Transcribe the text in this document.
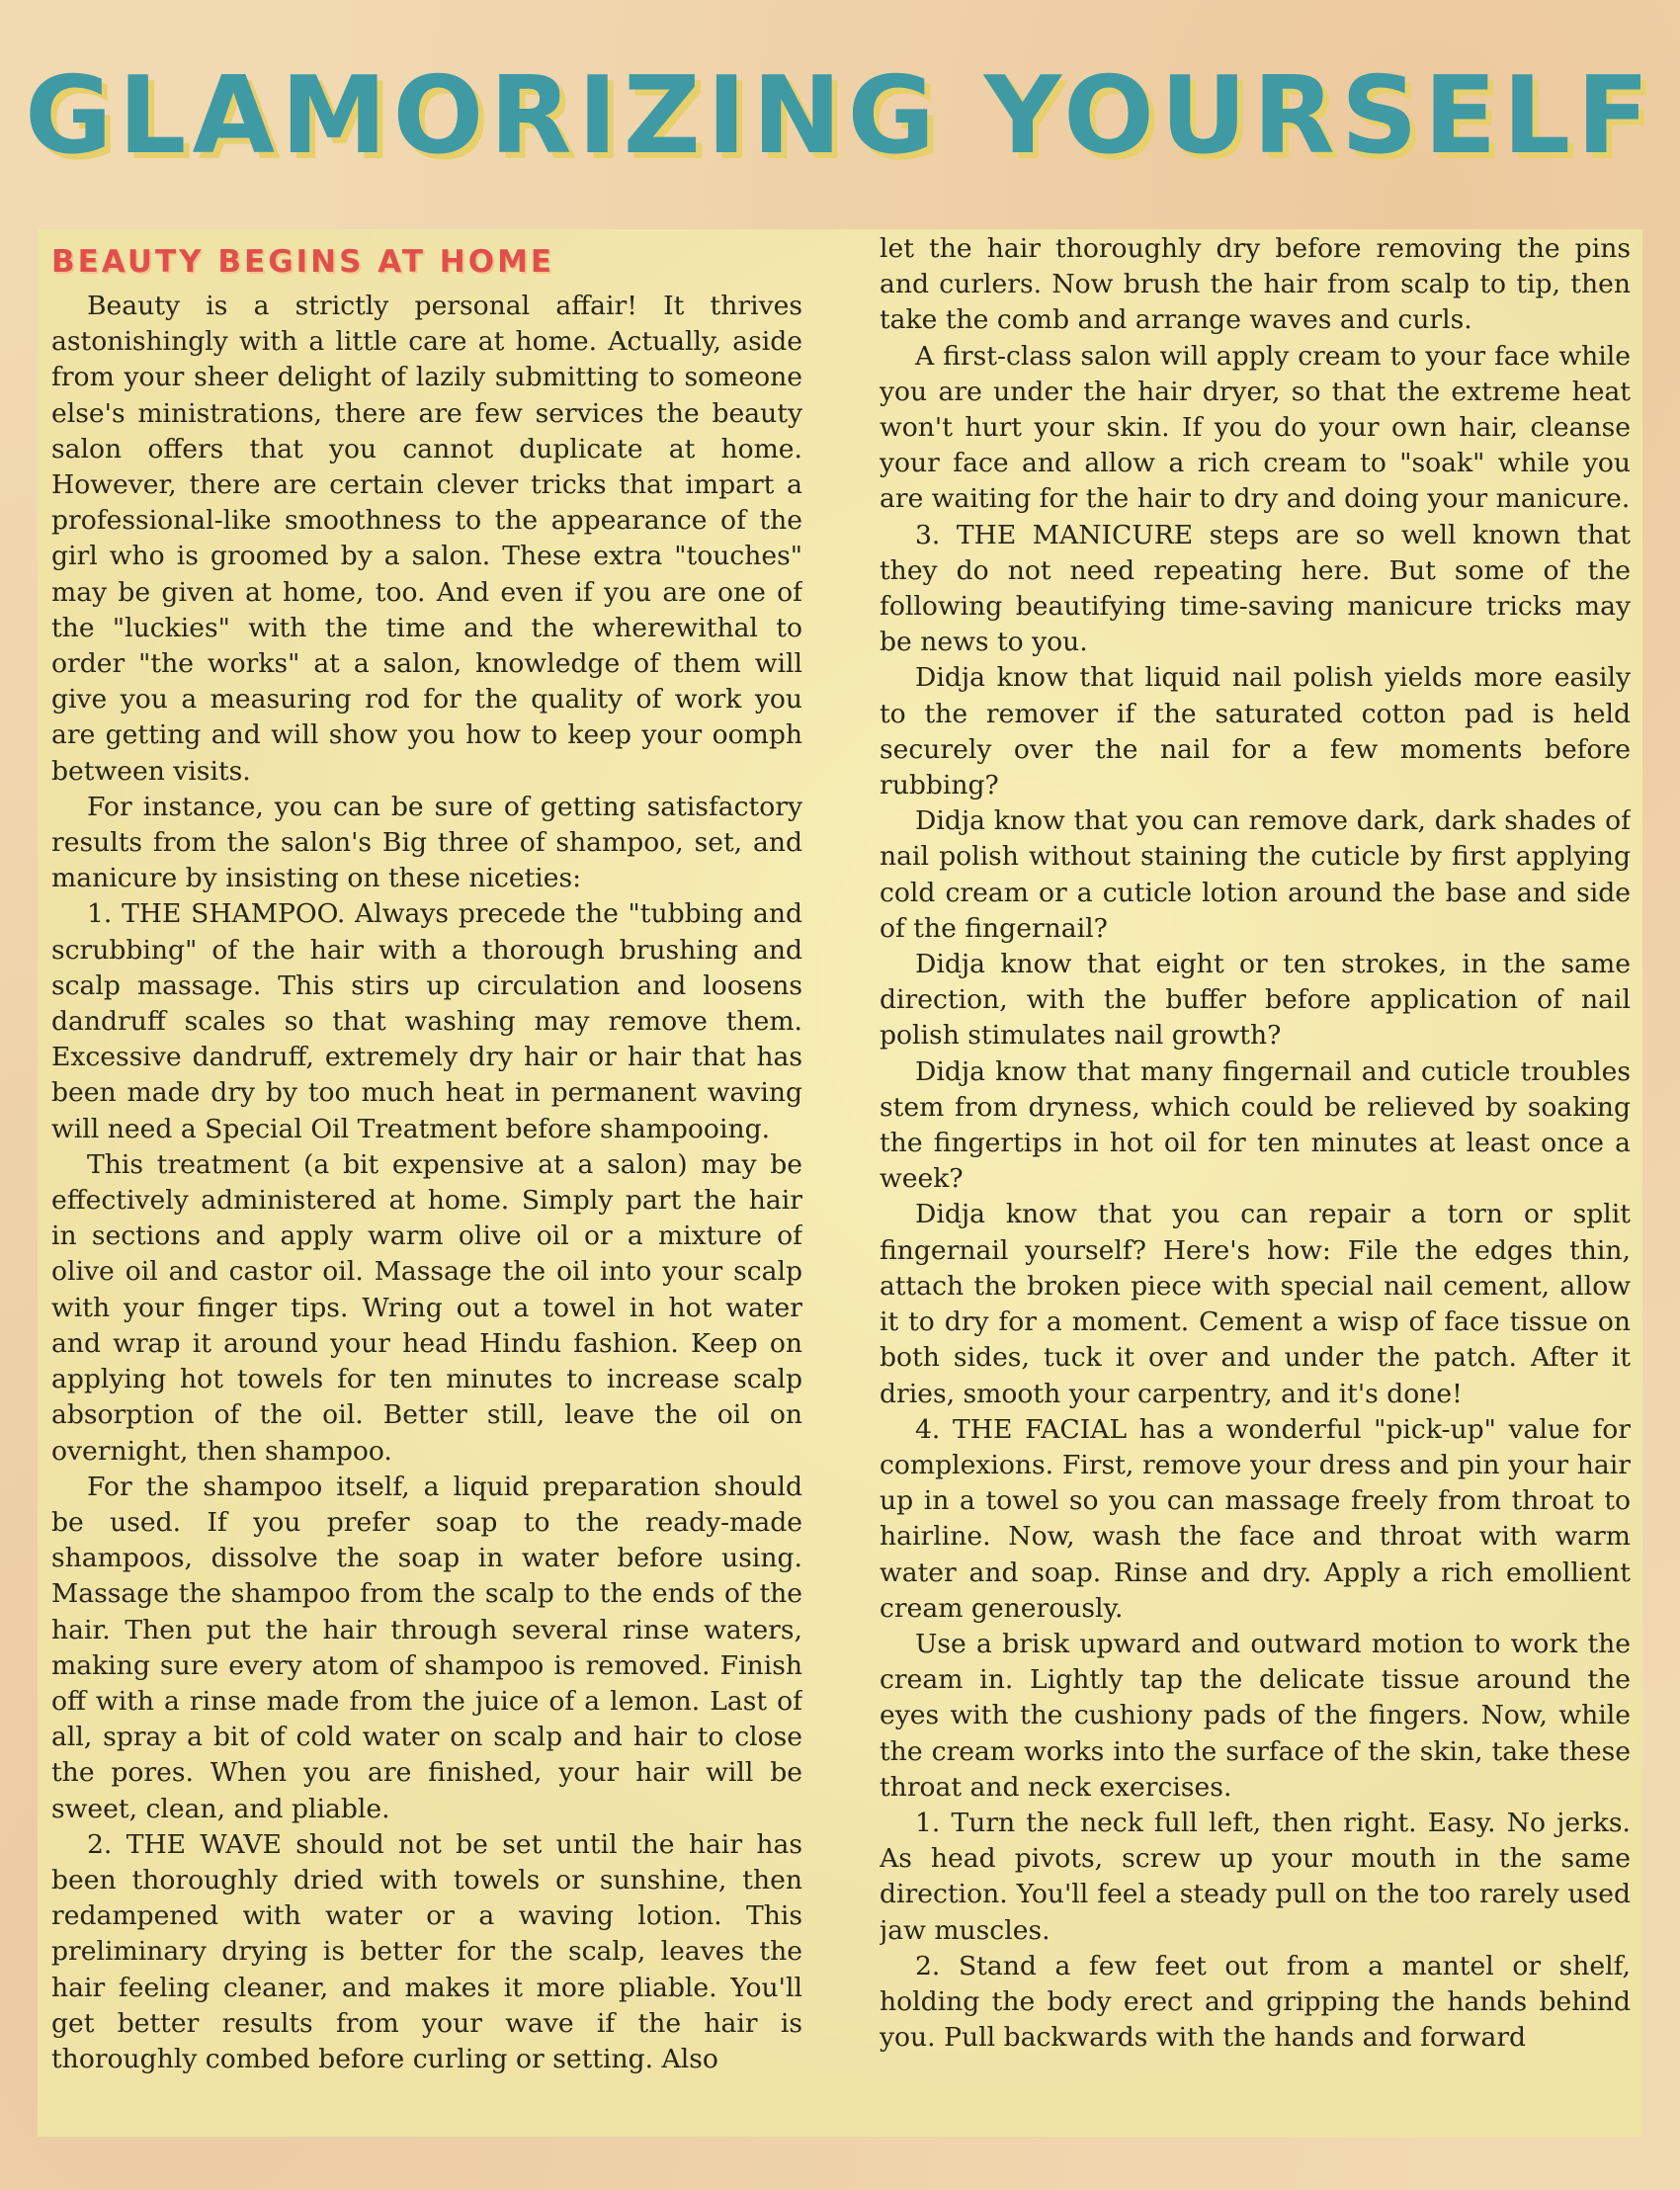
GLAMORIZING YOURSELF
BEAUTY BEGINS AT HOME

Beauty is a strictly personal affair! It thrives astonishingly with a little care at home. Actually, aside from your sheer delight of lazily submitting to someone else's ministrations, there are few services the beauty salon offers that you cannot duplicate at home. However, there are certain clever tricks that impart a professional-like smoothness to the appearance of the girl who is groomed by a salon. These extra "touches" may be given at home, too. And even if you are one of the "luckies" with the time and the wherewithal to order "the works" at a salon, knowledge of them will give you a measuring rod for the quality of work you are getting and will show you how to keep your oomph between visits.

For instance, you can be sure of getting satisfactory results from the salon's Big three of shampoo, set, and manicure by insisting on these niceties:

1. THE SHAMPOO. Always precede the "tubbing and scrubbing" of the hair with a thorough brushing and scalp massage. This stirs up circulation and loosens dandruff scales so that washing may remove them. Excessive dandruff, extremely dry hair or hair that has been made dry by too much heat in permanent waving will need a Special Oil Treatment before shampooing.

This treatment (a bit expensive at a salon) may be effectively administered at home. Simply part the hair in sections and apply warm olive oil or a mixture of olive oil and castor oil. Massage the oil into your scalp with your finger tips. Wring out a towel in hot water and wrap it around your head Hindu fashion. Keep on applying hot towels for ten minutes to increase scalp absorption of the oil. Better still, leave the oil on overnight, then shampoo.

For the shampoo itself, a liquid preparation should be used. If you prefer soap to the ready-made shampoos, dissolve the soap in water before using. Massage the shampoo from the scalp to the ends of the hair. Then put the hair through several rinse waters, making sure every atom of shampoo is removed. Finish off with a rinse made from the juice of a lemon. Last of all, spray a bit of cold water on scalp and hair to close the pores. When you are finished, your hair will be sweet, clean, and pliable.

2. THE WAVE should not be set until the hair has been thoroughly dried with towels or sunshine, then redampened with water or a waving lotion. This preliminary drying is better for the scalp, leaves the hair feeling cleaner, and makes it more pliable. You'll get better results from your wave if the hair is thoroughly combed before curling or setting. Also

let the hair thoroughly dry before removing the pins and curlers. Now brush the hair from scalp to tip, then take the comb and arrange waves and curls.

A first-class salon will apply cream to your face while you are under the hair dryer, so that the extreme heat won't hurt your skin. If you do your own hair, cleanse your face and allow a rich cream to "soak" while you are waiting for the hair to dry and doing your manicure.

3. THE MANICURE steps are so well known that they do not need repeating here. But some of the following beautifying time-saving manicure tricks may be news to you.

Didja know that liquid nail polish yields more easily to the remover if the saturated cotton pad is held securely over the nail for a few moments before rubbing?

Didja know that you can remove dark, dark shades of nail polish without staining the cuticle by first applying cold cream or a cuticle lotion around the base and side of the fingernail?

Didja know that eight or ten strokes, in the same direction, with the buffer before application of nail polish stimulates nail growth?

Didja know that many fingernail and cuticle troubles stem from dryness, which could be relieved by soaking the fingertips in hot oil for ten minutes at least once a week?

Didja know that you can repair a torn or split fingernail yourself? Here's how: File the edges thin, attach the broken piece with special nail cement, allow it to dry for a moment. Cement a wisp of face tissue on both sides, tuck it over and under the patch. After it dries, smooth your carpentry, and it's done!

4. THE FACIAL has a wonderful "pick-up" value for complexions. First, remove your dress and pin your hair up in a towel so you can massage freely from throat to hairline. Now, wash the face and throat with warm water and soap. Rinse and dry. Apply a rich emollient cream generously.

Use a brisk upward and outward motion to work the cream in. Lightly tap the delicate tissue around the eyes with the cushiony pads of the fingers. Now, while the cream works into the surface of the skin, take these throat and neck exercises.

1. Turn the neck full left, then right. Easy. No jerks. As head pivots, screw up your mouth in the same direction. You'll feel a steady pull on the too rarely used jaw muscles.

2. Stand a few feet out from a mantel or shelf, holding the body erect and gripping the hands behind you. Pull backwards with the hands and forward
